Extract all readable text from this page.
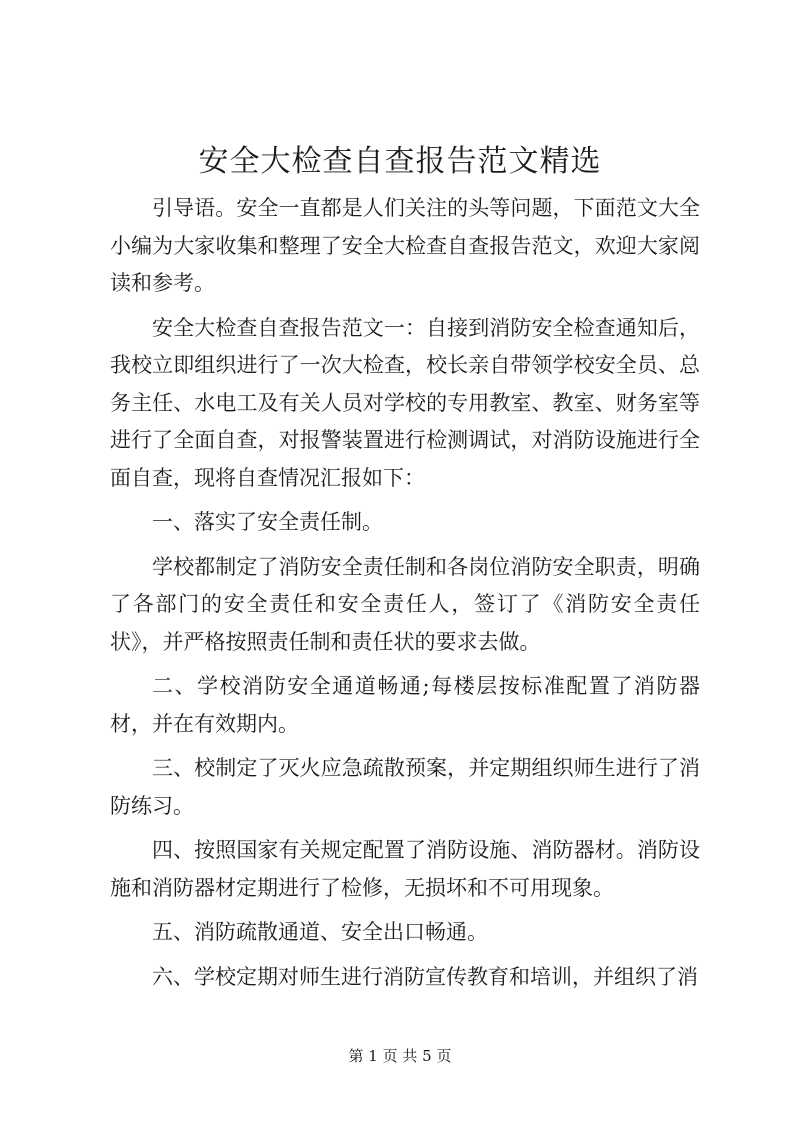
安全大检查自查报告范文精选

引导语。安全一直都是人们关注的头等问题，下面范文大全小编为大家收集和整理了安全大检查自查报告范文，欢迎大家阅读和参考。

安全大检查自查报告范文一：自接到消防安全检查通知后，我校立即组织进行了一次大检查，校长亲自带领学校安全员、总务主任、水电工及有关人员对学校的专用教室、教室、财务室等进行了全面自查，对报警装置进行检测调试，对消防设施进行全面自查，现将自查情况汇报如下：

一、落实了安全责任制。

学校都制定了消防安全责任制和各岗位消防安全职责，明确了各部门的安全责任和安全责任人，签订了《消防安全责任状》，并严格按照责任制和责任状的要求去做。

二、学校消防安全通道畅通;每楼层按标准配置了消防器材，并在有效期内。

三、校制定了灭火应急疏散预案，并定期组织师生进行了消防练习。

四、按照国家有关规定配置了消防设施、消防器材。消防设施和消防器材定期进行了检修，无损坏和不可用现象。

五、消防疏散通道、安全出口畅通。

六、学校定期对师生进行消防宣传教育和培训，并组织了消

第 1 页 共 5 页
